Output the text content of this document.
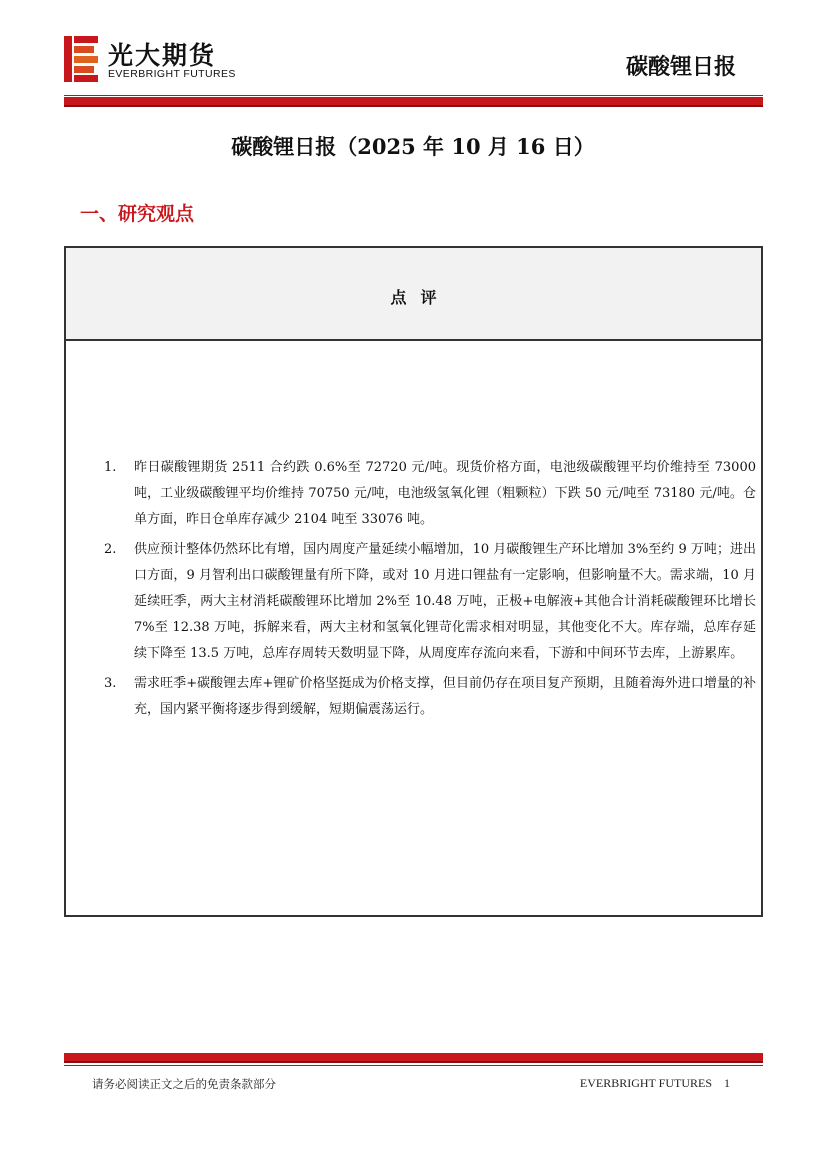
光大期货
EVERBRIGHT FUTURES	碳酸锂日报
碳酸锂日报（2025 年 10 月 16 日）
一、研究观点
点评
1. 昨日碳酸锂期货 2511 合约跌 0.6%至 72720 元/吨。现货价格方面，电池级碳酸锂平均价维持至 73000 吨，工业级碳酸锂平均价维持 70750 元/吨，电池级氢氧化锂（粗颗粒）下跌 50 元/吨至 73180 元/吨。仓单方面，昨日仓单库存减少 2104 吨至 33076 吨。
2. 供应预计整体仍然环比有增，国内周度产量延续小幅增加，10 月碳酸锂生产环比增加 3%至约 9 万吨；进出口方面，9 月智利出口碳酸锂量有所下降，或对 10 月进口锂盐有一定影响，但影响量不大。需求端，10 月延续旺季，两大主材消耗碳酸锂环比增加 2%至 10.48 万吨，正极+电解液+其他合计消耗碳酸锂环比增长 7%至 12.38 万吨，拆解来看，两大主材和氢氧化锂苛化需求相对明显，其他变化不大。库存端，总库存延续下降至 13.5 万吨，总库存周转天数明显下降，从周度库存流向来看，下游和中间环节去库，上游累库。
3. 需求旺季+碳酸锂去库+锂矿价格坚挺成为价格支撑，但目前仍存在项目复产预期，且随着海外进口增量的补充，国内紧平衡将逐步得到缓解，短期偏震荡运行。
请务必阅读正文之后的免责条款部分	EVERBRIGHT FUTURES 1
